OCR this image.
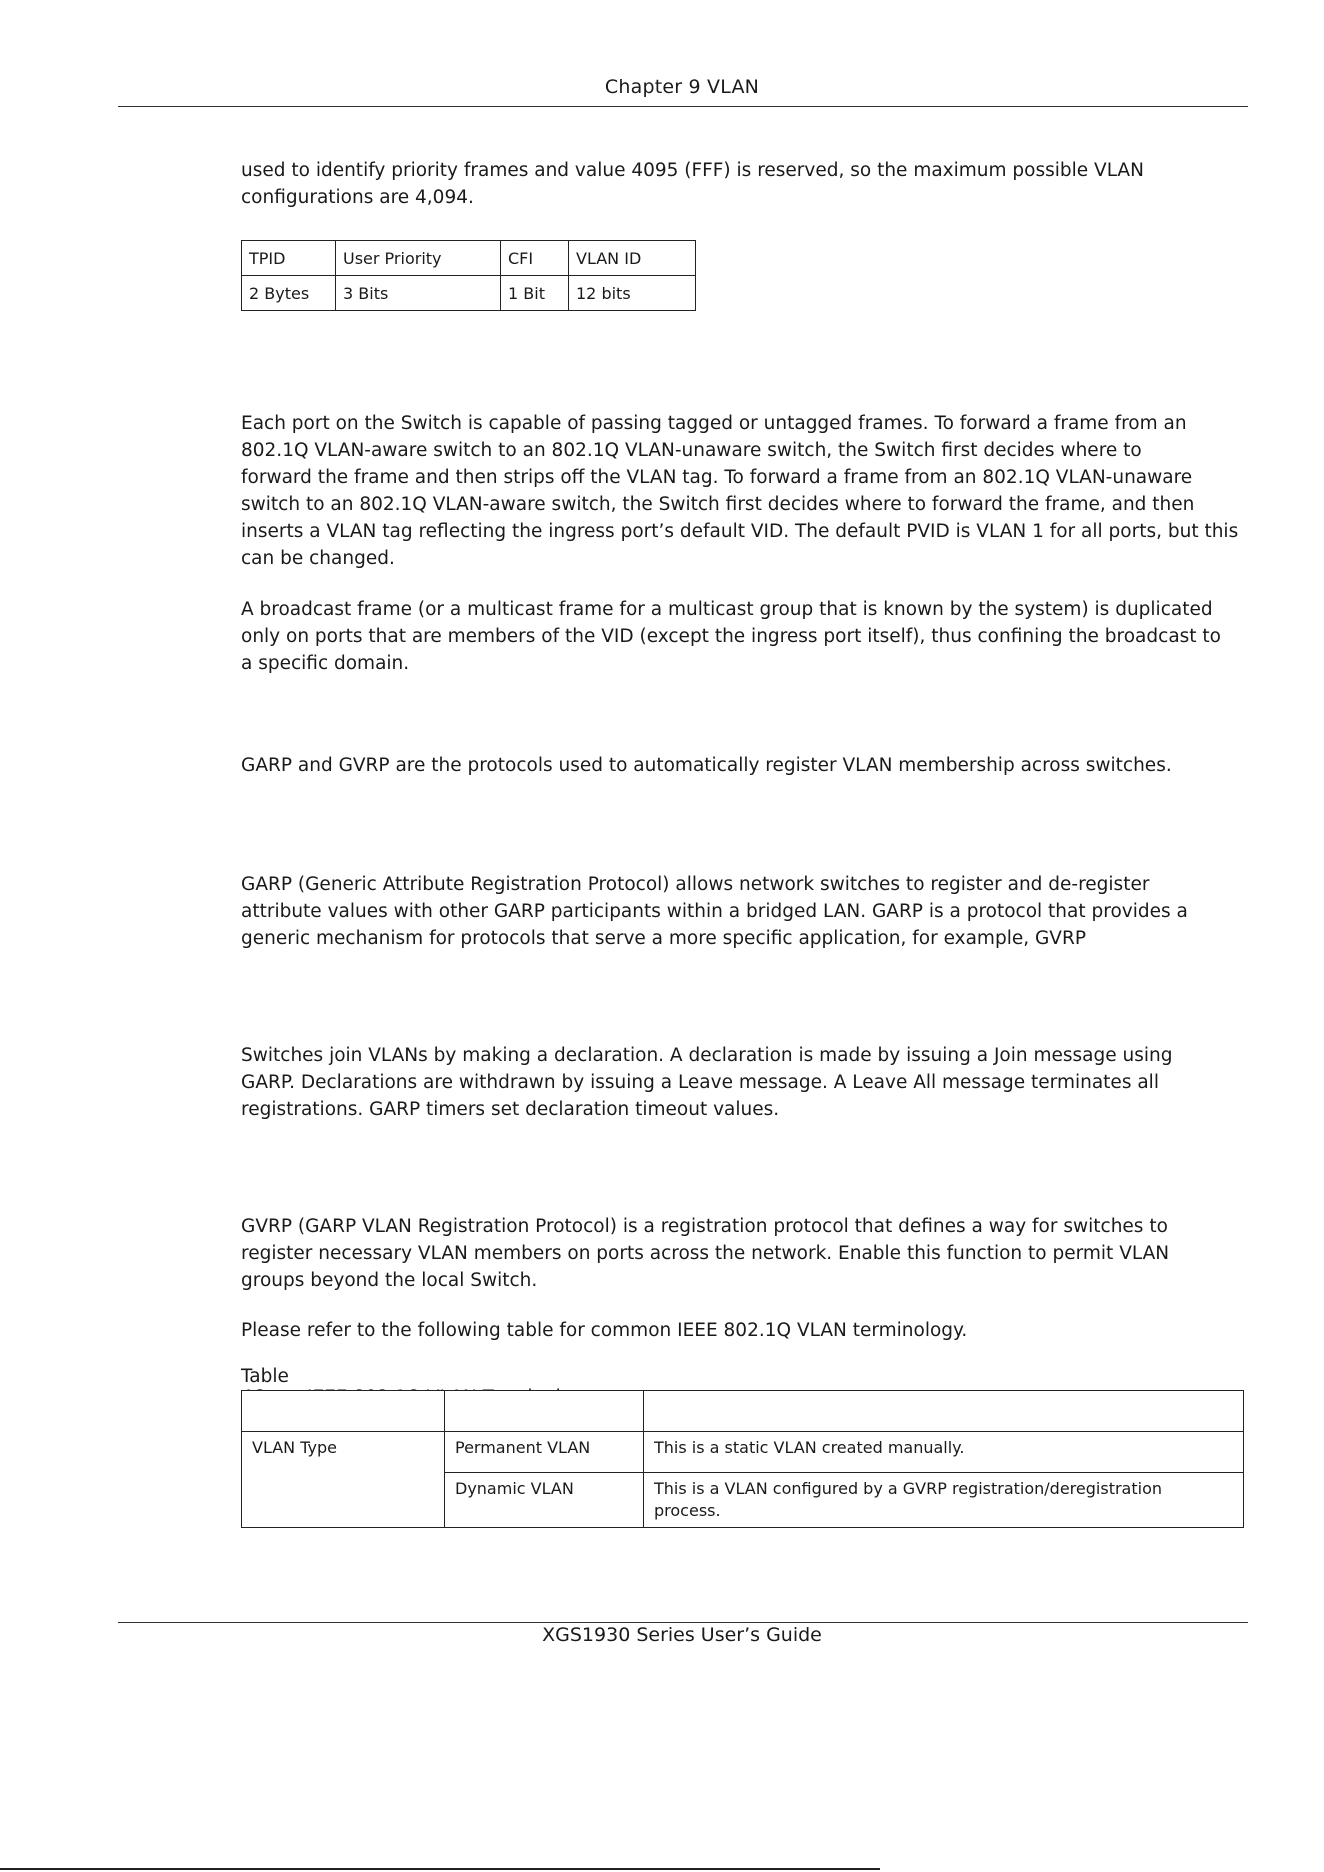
Chapter 9 VLAN

used to identify priority frames and value 4095 (FFF) is reserved, so the maximum possible VLAN
configurations are 4,094.

TPID	User Priority	CFI	VLAN ID
2 Bytes	3 Bits	1 Bit	12 bits

Each port on the Switch is capable of passing tagged or untagged frames. To forward a frame from an
802.1Q VLAN-aware switch to an 802.1Q VLAN-unaware switch, the Switch first decides where to
forward the frame and then strips off the VLAN tag. To forward a frame from an 802.1Q VLAN-unaware
switch to an 802.1Q VLAN-aware switch, the Switch first decides where to forward the frame, and then
inserts a VLAN tag reflecting the ingress port’s default VID. The default PVID is VLAN 1 for all ports, but this
can be changed.

A broadcast frame (or a multicast frame for a multicast group that is known by the system) is duplicated
only on ports that are members of the VID (except the ingress port itself), thus confining the broadcast to
a specific domain.

GARP and GVRP are the protocols used to automatically register VLAN membership across switches.

GARP (Generic Attribute Registration Protocol) allows network switches to register and de-register
attribute values with other GARP participants within a bridged LAN. GARP is a protocol that provides a
generic mechanism for protocols that serve a more specific application, for example, GVRP

Switches join VLANs by making a declaration. A declaration is made by issuing a Join message using
GARP. Declarations are withdrawn by issuing a Leave message. A Leave All message terminates all
registrations. GARP timers set declaration timeout values.

GVRP (GARP VLAN Registration Protocol) is a registration protocol that defines a way for switches to
register necessary VLAN members on ports across the network. Enable this function to permit VLAN
groups beyond the local Switch.

Please refer to the following table for common IEEE 802.1Q VLAN terminology.

Table

VLAN Type	Permanent VLAN	This is a static VLAN created manually.
	Dynamic VLAN	This is a VLAN configured by a GVRP registration/deregistration process.
XGS1930 Series User’s Guide
